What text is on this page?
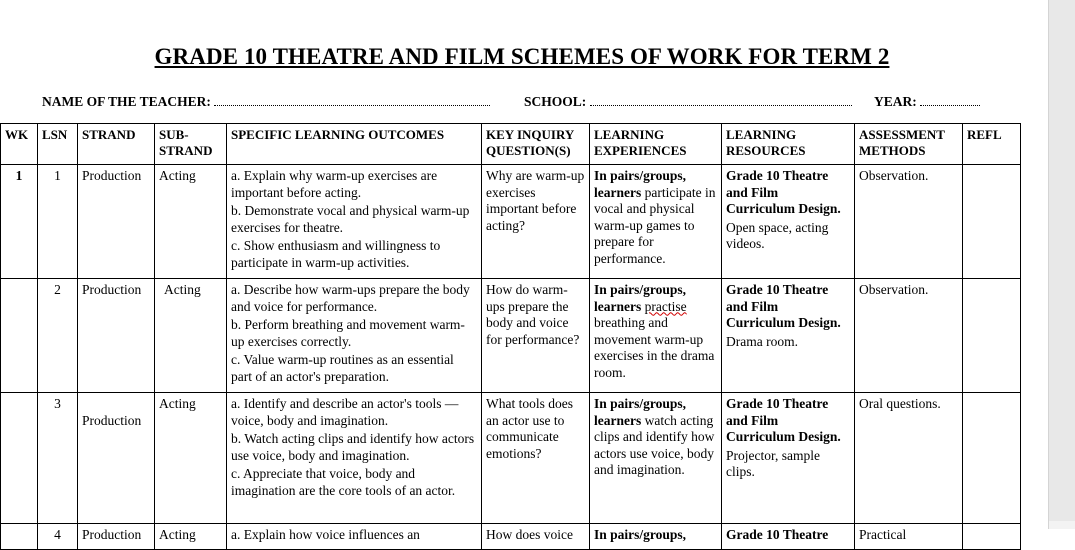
GRADE 10 THEATRE AND FILM SCHEMES OF WORK FOR TERM 2
NAME OF THE TEACHER:	SCHOOL:	YEAR:
WK	LSN	STRAND	SUB-STRAND	SPECIFIC LEARNING OUTCOMES	KEY INQUIRY QUESTION(S)	LEARNING EXPERIENCES	LEARNING RESOURCES	ASSESSMENT METHODS	REFL
1	1	Production	Acting	a. Explain why warm-up exercises are important before acting.
b. Demonstrate vocal and physical warm-up exercises for theatre.
c. Show enthusiasm and willingness to participate in warm-up activities.	Why are warm-up exercises important before acting?	In pairs/groups, learners participate in vocal and physical warm-up games to prepare for performance.	Grade 10 Theatre and Film Curriculum Design.
Open space, acting videos.	Observation.	
	2	Production	Acting	a. Describe how warm-ups prepare the body and voice for performance.
b. Perform breathing and movement warm-up exercises correctly.
c. Value warm-up routines as an essential part of an actor's preparation.	How do warm-ups prepare the body and voice for performance?	In pairs/groups, learners practise breathing and movement warm-up exercises in the drama room.	Grade 10 Theatre and Film Curriculum Design.
Drama room.	Observation.	
	3	Production	Acting	a. Identify and describe an actor's tools — voice, body and imagination.
b. Watch acting clips and identify how actors use voice, body and imagination.
c. Appreciate that voice, body and imagination are the core tools of an actor.	What tools does an actor use to communicate emotions?	In pairs/groups, learners watch acting clips and identify how actors use voice, body and imagination.	Grade 10 Theatre and Film Curriculum Design.
Projector, sample clips.	Oral questions.	
	4	Production	Acting	a. Explain how voice influences an	How does voice	In pairs/groups,	Grade 10 Theatre	Practical	
